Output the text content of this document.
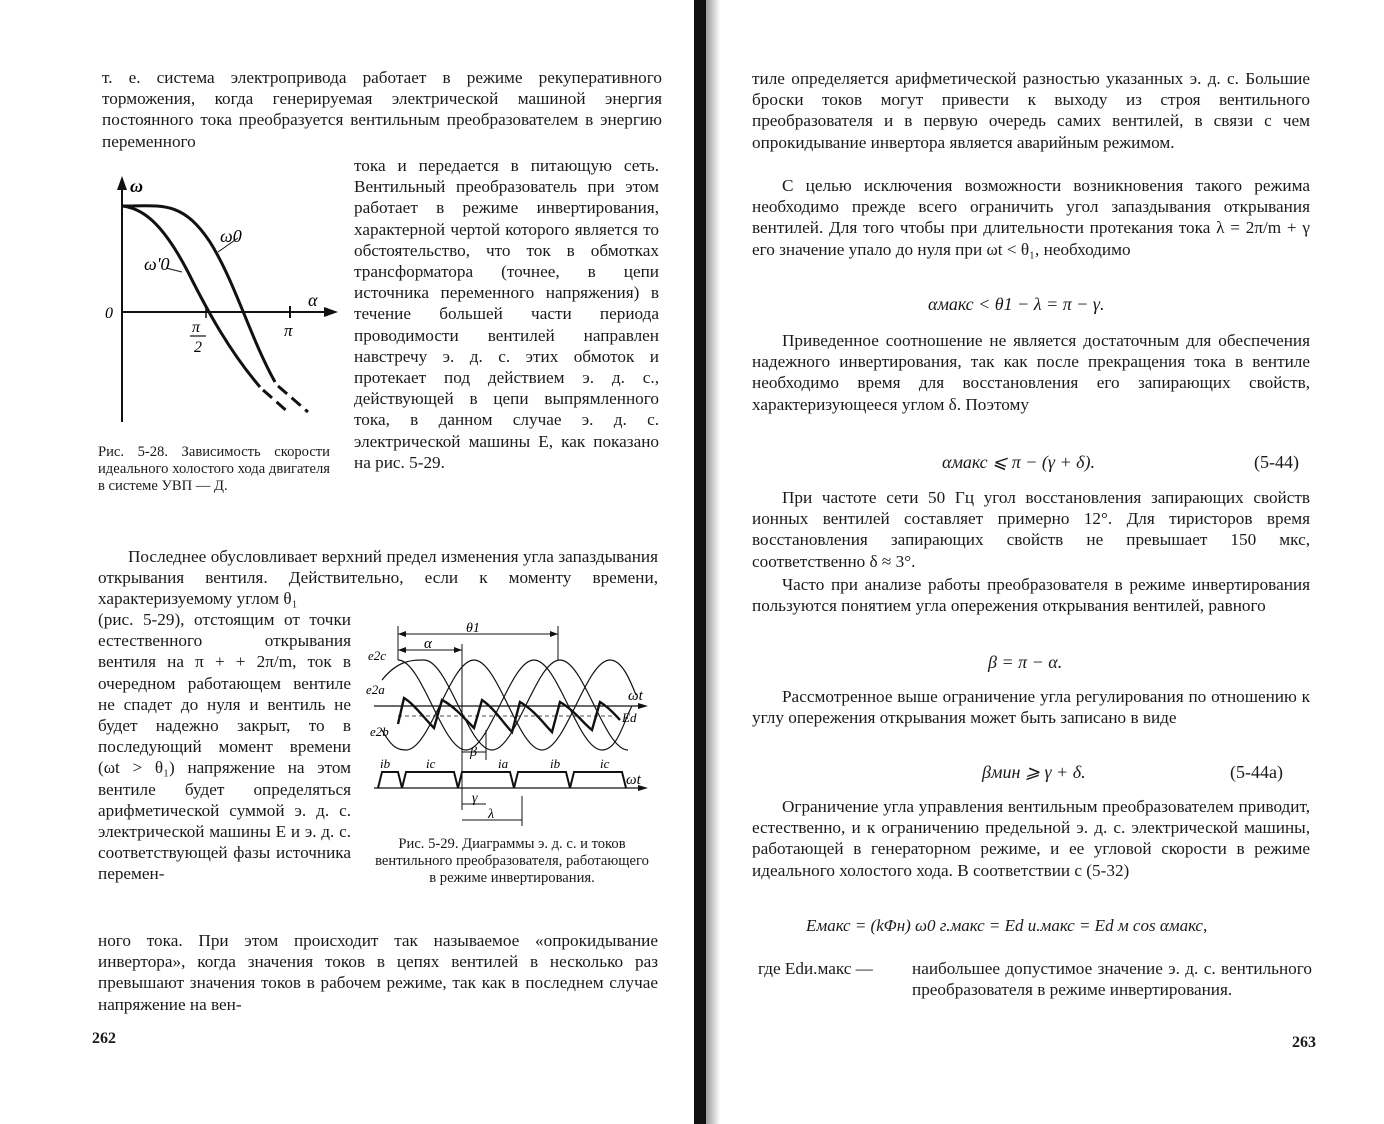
т. е. система электропривода работает в режиме рекуперативного торможения, когда генерируемая электрической машиной энергия постоянного тока преобразуется вентильным преобразователем в энергию переменного

ω
ω0
ω'0
0
α
π
π
2

Рис. 5-28. Зависимость скорости идеального холостого хода двигателя в системе УВП — Д.

тока и передается в питающую сеть. Вентильный преобразователь при этом работает в режиме инвертирования, характерной чертой которого является то обстоятельство, что ток в обмотках трансформатора (точнее, в цепи источника переменного напряжения) в течение большей части периода проводимости вентилей направлен навстречу э. д. с. этих обмоток и протекает под действием э. д. с., действующей в цепи выпрямленного тока, в данном случае э. д. с. электрической машины E, как показано на рис. 5-29.

Последнее обусловливает верхний предел изменения угла запаздывания открывания вентиля. Действительно, если к моменту времени, характеризуемому углом θ₁

(рис. 5-29), отстоящим от точки естественного открывания вентиля на π + + 2π/m, ток в очередном работающем вентиле не спадет до нуля и вентиль не будет надежно закрыт, то в последующий момент времени (ωt > θ₁) напряжение на этом вентиле будет определяться арифметической суммой э. д. с. электрической машины E и э. д. с. соответствующей фазы источника перемен-

θ1
α
e2c
e2a
e2b
ωt
Ed
β
ib	ic	ia	ib	ic
ωt
γ
λ

Рис. 5-29. Диаграммы э. д. с. и токов вентильного преобразователя, работающего в режиме инвертирования.

ного тока. При этом происходит так называемое «опрокидывание инвертора», когда значения токов в цепях вентилей в несколько раз превышают значения токов в рабочем режиме, так как в последнем случае напряжение на вен-

262

тиле определяется арифметической разностью указанных э. д. с. Большие броски токов могут привести к выходу из строя вентильного преобразователя и в первую очередь самих вентилей, в связи с чем опрокидывание инвертора является аварийным режимом.

С целью исключения возможности возникновения такого режима необходимо прежде всего ограничить угол запаздывания открывания вентилей. Для того чтобы при длительности протекания тока λ = 2π/m + γ его значение упало до нуля при ωt < θ₁, необходимо

αмакс < θ1 − λ = π − γ.

Приведенное соотношение не является достаточным для обеспечения надежного инвертирования, так как после прекращения тока в вентиле необходимо время для восстановления его запирающих свойств, характеризующееся углом δ. Поэтому

αмакс ⩽ π − (γ + δ).	(5-44)

При частоте сети 50 Гц угол восстановления запирающих свойств ионных вентилей составляет примерно 12°. Для тиристоров время восстановления запирающих свойств не превышает 150 мкс, соответственно δ ≈ 3°.

Часто при анализе работы преобразователя в режиме инвертирования пользуются понятием угла опережения открывания вентилей, равного

β = π − α.

Рассмотренное выше ограничение угла регулирования по отношению к углу опережения открывания может быть записано в виде

βмин ⩾ γ + δ.	(5-44а)

Ограничение угла управления вентильным преобразователем приводит, естественно, и к ограничению предельной э. д. с. электрической машины, работающей в генераторном режиме, и ее угловой скорости в режиме идеального холостого хода. В соответствии с (5-32)

Eмакс = (kΦн) ω0 г.макс = Ed и.макс = Ed м cos αмакс,

где Edи.макс —	наибольшее допустимое значение э. д. с. вентильного преобразователя в режиме инвертирования.

263
